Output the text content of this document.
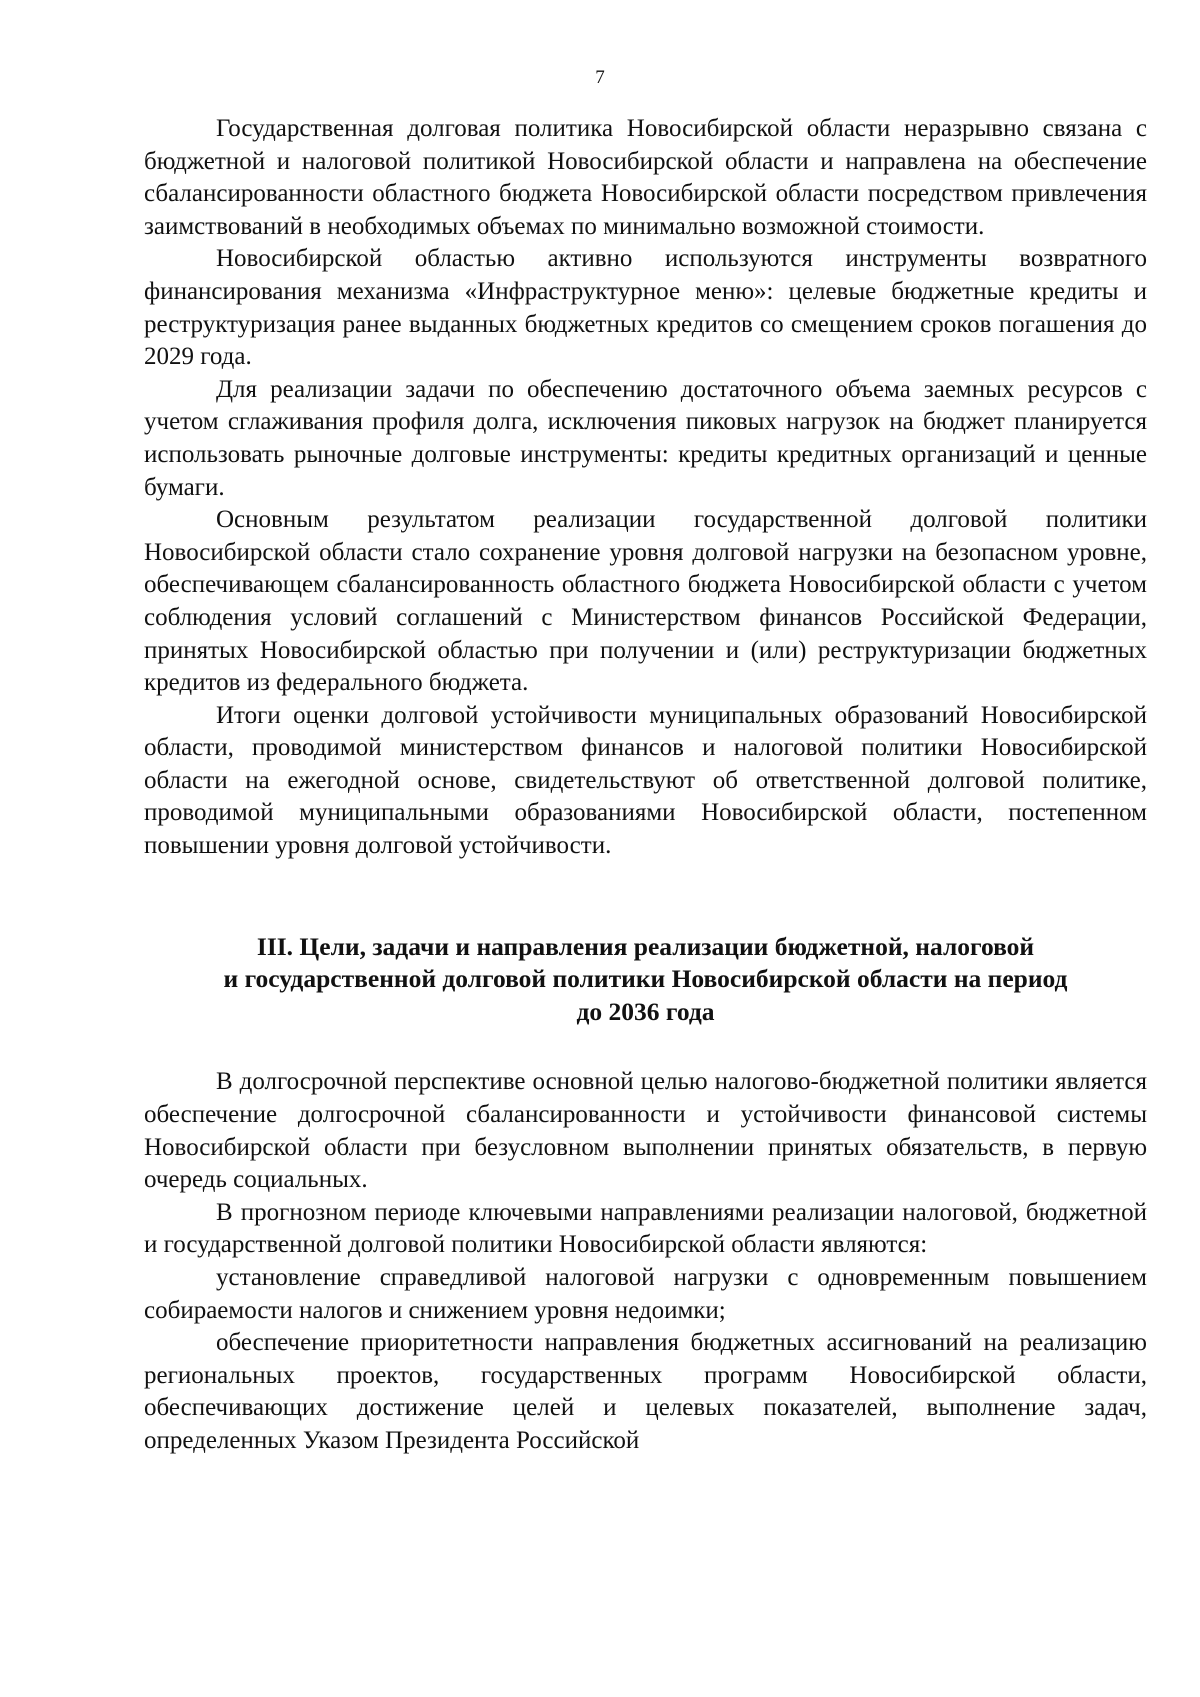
7

Государственная долговая политика Новосибирской области неразрывно связана с бюджетной и налоговой политикой Новосибирской области и направлена на обеспечение сбалансированности областного бюджета Новосибирской области посредством привлечения заимствований в необходимых объемах по минимально возможной стоимости.

Новосибирской областью активно используются инструменты возвратного финансирования механизма «Инфраструктурное меню»: целевые бюджетные кредиты и реструктуризация ранее выданных бюджетных кредитов со смещением сроков погашения до 2029 года.

Для реализации задачи по обеспечению достаточного объема заемных ресурсов с учетом сглаживания профиля долга, исключения пиковых нагрузок на бюджет планируется использовать рыночные долговые инструменты: кредиты кредитных организаций и ценные бумаги.

Основным результатом реализации государственной долговой политики Новосибирской области стало сохранение уровня долговой нагрузки на безопасном уровне, обеспечивающем сбалансированность областного бюджета Новосибирской области с учетом соблюдения условий соглашений с Министерством финансов Российской Федерации, принятых Новосибирской областью при получении и (или) реструктуризации бюджетных кредитов из федерального бюджета.

Итоги оценки долговой устойчивости муниципальных образований Новосибирской области, проводимой министерством финансов и налоговой политики Новосибирской области на ежегодной основе, свидетельствуют об ответственной долговой политике, проводимой муниципальными образованиями Новосибирской области, постепенном повышении уровня долговой устойчивости.

III. Цели, задачи и направления реализации бюджетной, налоговой
и государственной долговой политики Новосибирской области на период
до 2036 года

В долгосрочной перспективе основной целью налогово-бюджетной политики является обеспечение долгосрочной сбалансированности и устойчивости финансовой системы Новосибирской области при безусловном выполнении принятых обязательств, в первую очередь социальных.

В прогнозном периоде ключевыми направлениями реализации налоговой, бюджетной и государственной долговой политики Новосибирской области являются:

установление справедливой налоговой нагрузки с одновременным повышением собираемости налогов и снижением уровня недоимки;

обеспечение приоритетности направления бюджетных ассигнований на реализацию региональных проектов, государственных программ Новосибирской области, обеспечивающих достижение целей и целевых показателей, выполнение задач, определенных Указом Президента Российской
